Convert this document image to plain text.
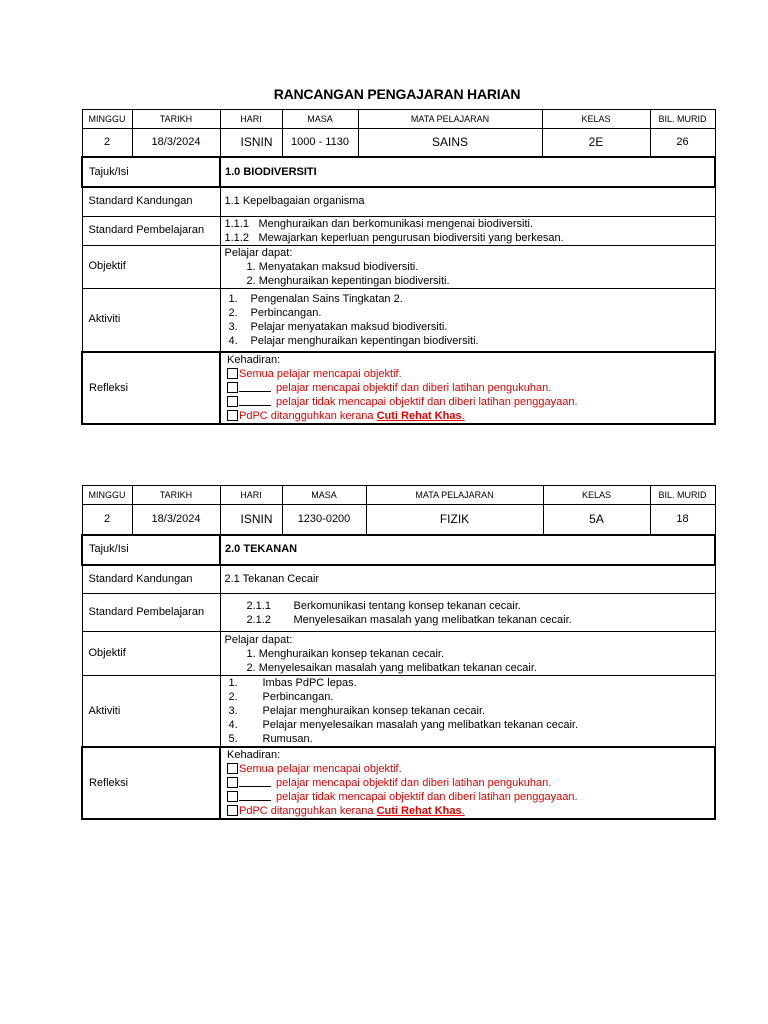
RANCANGAN PENGAJARAN HARIAN
MINGGU	TARIKH	HARI	MASA	MATA PELAJARAN	KELAS	BIL. MURID
2	18/3/2024	ISNIN	1000 - 1130	SAINS	2E	26
Tajuk/Isi		1.0 BIODIVERSITI				
Standard Kandungan		1.1 Kepelbagaian organisma				
Standard Pembelajaran		1.1.1 Menghuraikan dan berkomunikasi mengenai biodiversiti.
1.1.2 Mewajarkan keperluan pengurusan biodiversiti yang berkesan.				

Objektif		Pelajar dapat:
1. Menyatakan maksud biodiversiti.
2. Menghuraikan kepentingan biodiversiti.				

Aktiviti		1. Pengenalan Sains Tingkatan 2.
2. Perbincangan.
3. Pelajar menyatakan maksud biodiversiti.
4. Pelajar menghuraikan kepentingan biodiversiti.				

Refleksi		Kehadiran:
Semua pelajar mencapai objektif.
pelajar mencapai objektif dan diberi latihan pengukuhan.
pelajar tidak mencapai objektif dan diberi latihan penggayaan.
PdPC ditangguhkan kerana Cuti Rehat Khas.				
MINGGU	TARIKH	HARI	MASA	MATA PELAJARAN	KELAS	BIL. MURID
2	18/3/2024	ISNIN	1230-0200	FIZIK	5A	18
Tajuk/Isi		2.0 TEKANAN				
Standard Kandungan		2.1 Tekanan Cecair				
Standard Pembelajaran		2.1.1 Berkomunikasi tentang konsep tekanan cecair.
2.1.2 Menyelesaikan masalah yang melibatkan tekanan cecair.				

Objektif		Pelajar dapat:
1. Menghuraikan konsep tekanan cecair.
2. Menyelesaikan masalah yang melibatkan tekanan cecair.				

Aktiviti		1. Imbas PdPC lepas.
2. Perbincangan.
3. Pelajar menghuraikan konsep tekanan cecair.
4. Pelajar menyelesaikan masalah yang melibatkan tekanan cecair.
5. Rumusan.				

Refleksi		Kehadiran:
Semua pelajar mencapai objektif.
pelajar mencapai objektif dan diberi latihan pengukuhan.
pelajar tidak mencapai objektif dan diberi latihan penggayaan.
PdPC ditangguhkan kerana Cuti Rehat Khas.				
